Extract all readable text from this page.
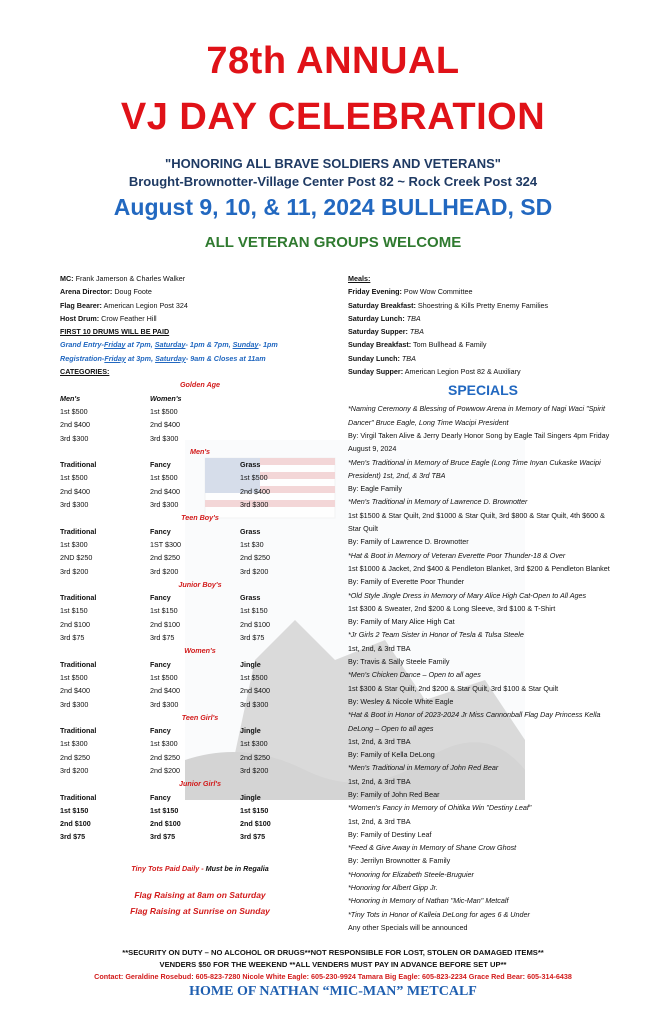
78th ANNUAL
VJ DAY CELEBRATION
"HONORING ALL BRAVE SOLDIERS AND VETERANS"
Brought-Brownotter-Village Center Post 82 ~ Rock Creek Post 324
August 9, 10, & 11, 2024 BULLHEAD, SD
ALL VETERAN GROUPS WELCOME
MC: Frank Jamerson & Charles Walker
Arena Director: Doug Foote
Flag Bearer: American Legion Post 324
Host Drum: Crow Feather Hill
FIRST 10 DRUMS WILL BE PAID
Grand Entry-Friday at 7pm, Saturday- 1pm & 7pm, Sunday- 1pm
Registration-Friday at 3pm, Saturday- 9am & Closes at 11am
CATEGORIES:
Golden Age
Men's	Women's
1st $500	1st $500
2nd $400	2nd $400
3rd $300	3rd $300
Men's
Traditional	Fancy	Grass
1st $500	1st $500	1st $500
2nd $400	2nd $400	2nd $400
3rd $300	3rd $300	3rd $300
Teen Boy's
Traditional	Fancy	Grass
1st $300	1ST $300	1st $30
2ND $250	2nd $250	2nd $250
3rd $200	3rd $200	3rd $200
Junior Boy's
Traditional	Fancy	Grass
1st $150	1st $150	1st $150
2nd $100	2nd $100	2nd $100
3rd $75	3rd $75	3rd $75
Women's
Traditional	Fancy	Jingle
1st $500	1st $500	1st $500
2nd $400	2nd $400	2nd $400
3rd $300	3rd $300	3rd $300
Teen Girl's
Traditional	Fancy	Jingle
1st $300	1st $300	1st $300
2nd $250	2nd $250	2nd $250
3rd $200	2nd $200	3rd $200
Junior Girl's
Traditional	Fancy	Jingle
1st $150	1st $150	1st $150
2nd $100	2nd $100	2nd $100
3rd $75	3rd $75	3rd $75
Tiny Tots Paid Daily - Must be in Regalia
Flag Raising at 8am on Saturday
Flag Raising at Sunrise on Sunday
Meals:
Friday Evening: Pow Wow Committee
Saturday Breakfast: Shoestring & Kills Pretty Enemy Families
Saturday Lunch: TBA
Saturday Supper: TBA
Sunday Breakfast: Tom Bullhead & Family
Sunday Lunch: TBA
Sunday Supper: American Legion Post 82 & Auxiliary
SPECIALS
*Naming Ceremony & Blessing of Powwow Arena in Memory of Nagi Waci "Spirit Dancer" Bruce Eagle, Long Time Wacipi President
By: Virgil Taken Alive & Jerry Dearly Honor Song by Eagle Tail Singers 4pm Friday August 9, 2024
*Men's Traditional in Memory of Bruce Eagle (Long Time Inyan Cukaske Wacipi President) 1st, 2nd, & 3rd TBA
By: Eagle Family
*Men's Traditional in Memory of Lawrence D. Brownotter
1st $1500 & Star Quilt, 2nd $1000 & Star Quilt, 3rd $800 & Star Quilt, 4th $600 & Star Quilt
By: Family of Lawrence D. Brownotter
*Hat & Boot in Memory of Veteran Everette Poor Thunder-18 & Over
1st $1000 & Jacket, 2nd $400 & Pendleton Blanket, 3rd $200 & Pendleton Blanket
By: Family of Everette Poor Thunder
*Old Style Jingle Dress in Memory of Mary Alice High Cat-Open to All Ages
1st $300 & Sweater, 2nd $200 & Long Sleeve, 3rd $100 & T-Shirt
By: Family of Mary Alice High Cat
*Jr Girls 2 Team Sister in Honor of Tesla & Tulsa Steele
1st, 2nd, & 3rd TBA
By: Travis & Sally Steele Family
*Men's Chicken Dance – Open to all ages
1st $300 & Star Quilt, 2nd $200 & Star Quilt, 3rd $100 & Star Quilt
By: Wesley & Nicole White Eagle
*Hat & Boot in Honor of 2023-2024 Jr Miss Cannonball Flag Day Princess Kella DeLong – Open to all ages
1st, 2nd, & 3rd TBA
By: Family of Kella DeLong
*Men's Traditional in Memory of John Red Bear
1st, 2nd, & 3rd TBA
By: Family of John Red Bear
*Women's Fancy in Memory of Ohitika Win "Destiny Leaf"
1st, 2nd, & 3rd TBA
By: Family of Destiny Leaf
*Feed & Give Away in Memory of Shane Crow Ghost
By: Jerrilyn Brownotter & Family
*Honoring for Elizabeth Steele-Bruguier
*Honoring for Albert Gipp Jr.
*Honoring in Memory of Nathan "Mic-Man" Metcalf
*Tiny Tots in Honor of Kalleia DeLong for ages 6 & Under
Any other Specials will be announced
**SECURITY ON DUTY – NO ALCOHOL OR DRUGS**NOT RESPONSIBLE FOR LOST, STOLEN OR DAMAGED ITEMS**
VENDERS $50 FOR THE WEEKEND **ALL VENDERS MUST PAY IN ADVANCE BEFORE SET UP**
Contact: Geraldine Rosebud: 605-823-7280 Nicole White Eagle: 605-230-9924 Tamara Big Eagle: 605-823-2234 Grace Red Bear: 605-314-6438
HOME OF NATHAN “MIC-MAN” METCALF
